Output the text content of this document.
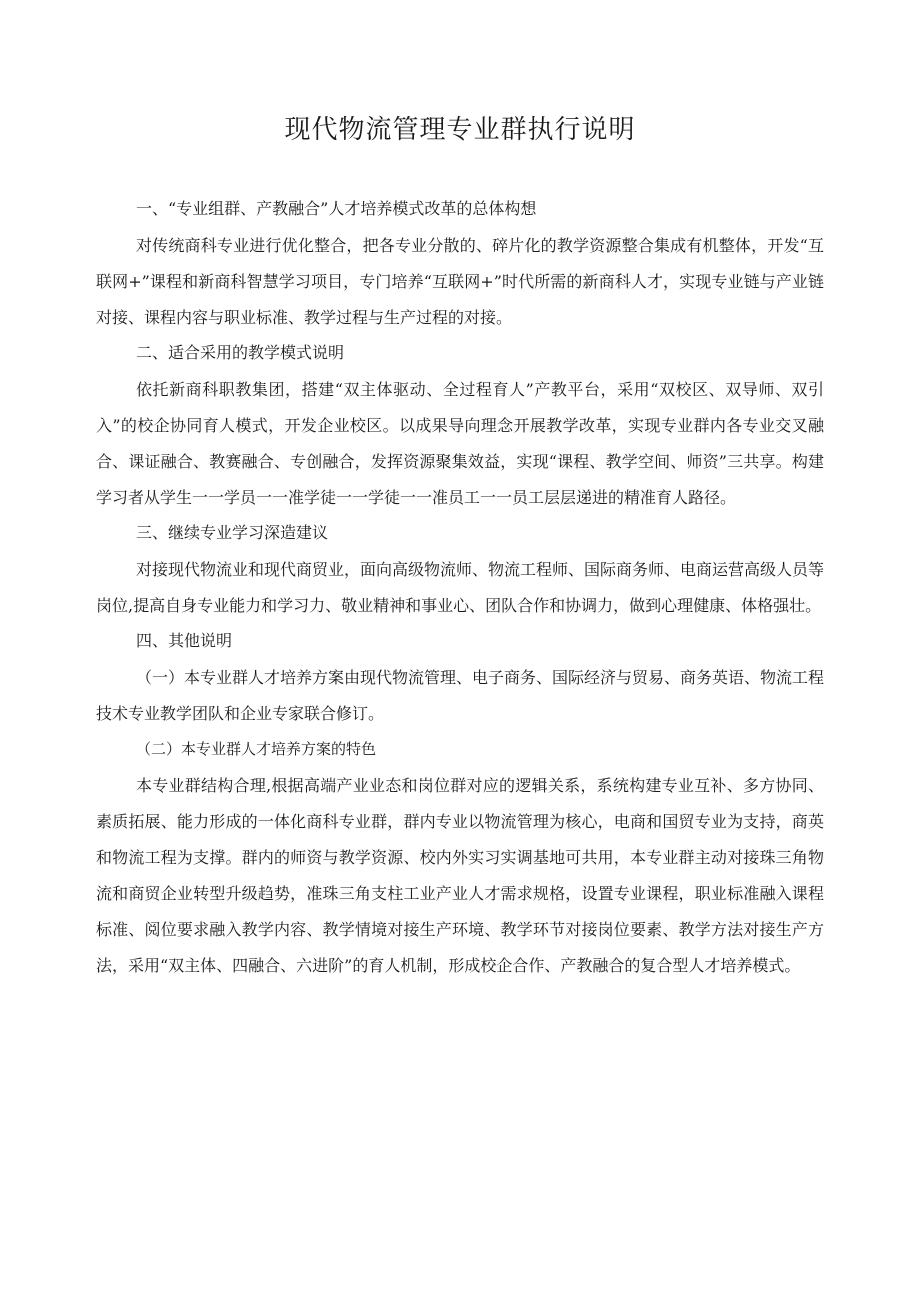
现代物流管理专业群执行说明
一、“专业组群、产教融合”人才培养模式改革的总体构想

对传统商科专业进行优化整合，把各专业分散的、碎片化的教学资源整合集成有机整体，开发“互联网+”课程和新商科智慧学习项目，专门培养“互联网+”时代所需的新商科人才，实现专业链与产业链对接、课程内容与职业标准、教学过程与生产过程的对接。

二、适合采用的教学模式说明

依托新商科职教集团，搭建“双主体驱动、全过程育人”产教平台，采用“双校区、双导师、双引入”的校企协同育人模式，开发企业校区。以成果导向理念开展教学改革，实现专业群内各专业交叉融合、课证融合、教赛融合、专创融合，发挥资源聚集效益，实现“课程、教学空间、师资”三共享。构建学习者从学生一一学员一一准学徒一一学徒一一准员工一一员工层层递进的精准育人路径。

三、继续专业学习深造建议

对接现代物流业和现代商贸业，面向高级物流师、物流工程师、国际商务师、电商运营高级人员等岗位,提高自身专业能力和学习力、敬业精神和事业心、团队合作和协调力，做到心理健康、体格强壮。

四、其他说明

（一）本专业群人才培养方案由现代物流管理、电子商务、国际经济与贸易、商务英语、物流工程技术专业教学团队和企业专家联合修订。

（二）本专业群人才培养方案的特色

本专业群结构合理,根据高端产业业态和岗位群对应的逻辑关系，系统构建专业互补、多方协同、素质拓展、能力形成的一体化商科专业群，群内专业以物流管理为核心，电商和国贸专业为支持，商英和物流工程为支撑。群内的师资与教学资源、校内外实习实调基地可共用，本专业群主动对接珠三角物流和商贸企业转型升级趋势，准珠三角支柱工业产业人才需求规格，设置专业课程，职业标准融入课程标准、阅位要求融入教学内容、教学情境对接生产环境、教学环节对接岗位要素、教学方法对接生产方法，采用“双主体、四融合、六进阶”的育人机制，形成校企合作、产教融合的复合型人才培养模式。
